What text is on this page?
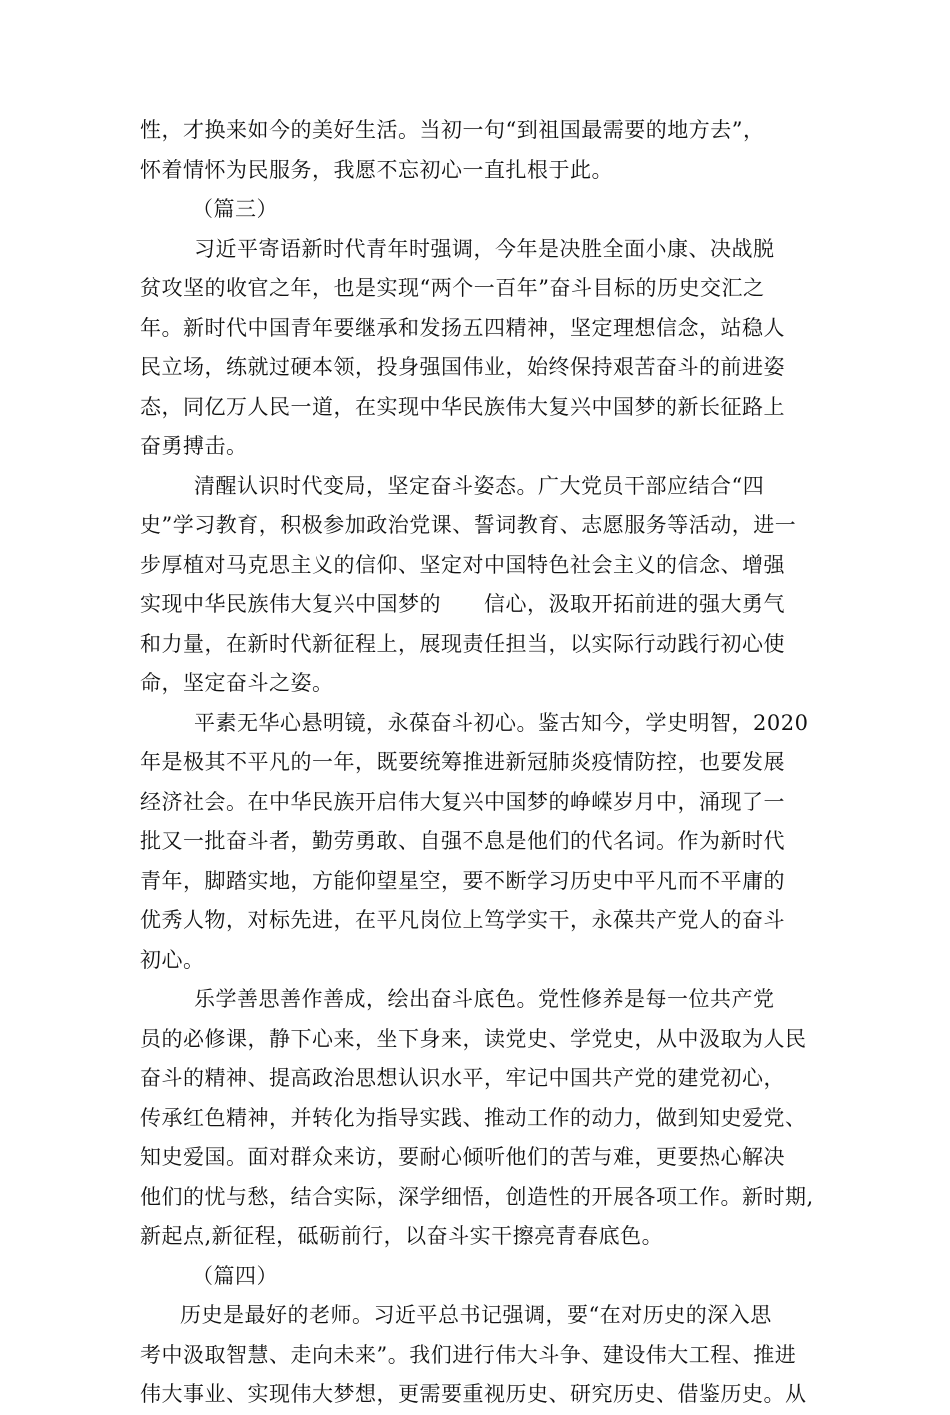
性，才换来如今的美好生活。当初一句“到祖国最需要的地方去”，
怀着情怀为民服务，我愿不忘初心一直扎根于此。
（篇三）
习近平寄语新时代青年时强调，今年是决胜全面小康、决战脱
贫攻坚的收官之年，也是实现“两个一百年”奋斗目标的历史交汇之
年。新时代中国青年要继承和发扬五四精神，坚定理想信念，站稳人
民立场，练就过硬本领，投身强国伟业，始终保持艰苦奋斗的前进姿
态，同亿万人民一道，在实现中华民族伟大复兴中国梦的新长征路上
奋勇搏击。
清醒认识时代变局，坚定奋斗姿态。广大党员干部应结合“四
史”学习教育，积极参加政治党课、誓词教育、志愿服务等活动，进一
步厚植对马克思主义的信仰、坚定对中国特色社会主义的信念、增强
实现中华民族伟大复兴中国梦的　　信心，汲取开拓前进的强大勇气
和力量，在新时代新征程上，展现责任担当，以实际行动践行初心使
命，坚定奋斗之姿。
平素无华心悬明镜，永葆奋斗初心。鉴古知今，学史明智，2020
年是极其不平凡的一年，既要统筹推进新冠肺炎疫情防控，也要发展
经济社会。在中华民族开启伟大复兴中国梦的峥嵘岁月中，涌现了一
批又一批奋斗者，勤劳勇敢、自强不息是他们的代名词。作为新时代
青年，脚踏实地，方能仰望星空，要不断学习历史中平凡而不平庸的
优秀人物，对标先进，在平凡岗位上笃学实干，永葆共产党人的奋斗
初心。
乐学善思善作善成，绘出奋斗底色。党性修养是每一位共产党
员的必修课，静下心来，坐下身来，读党史、学党史，从中汲取为人民
奋斗的精神、提高政治思想认识水平，牢记中国共产党的建党初心，
传承红色精神，并转化为指导实践、推动工作的动力，做到知史爱党、
知史爱国。面对群众来访，要耐心倾听他们的苦与难，更要热心解决
他们的忧与愁，结合实际，深学细悟，创造性的开展各项工作。新时期,
新起点,新征程，砥砺前行，以奋斗实干擦亮青春底色。
（篇四）
历史是最好的老师。习近平总书记强调，要“在对历史的深入思
考中汲取智慧、走向未来”。我们进行伟大斗争、建设伟大工程、推进
伟大事业、实现伟大梦想，更需要重视历史、研究历史、借鉴历史。从
